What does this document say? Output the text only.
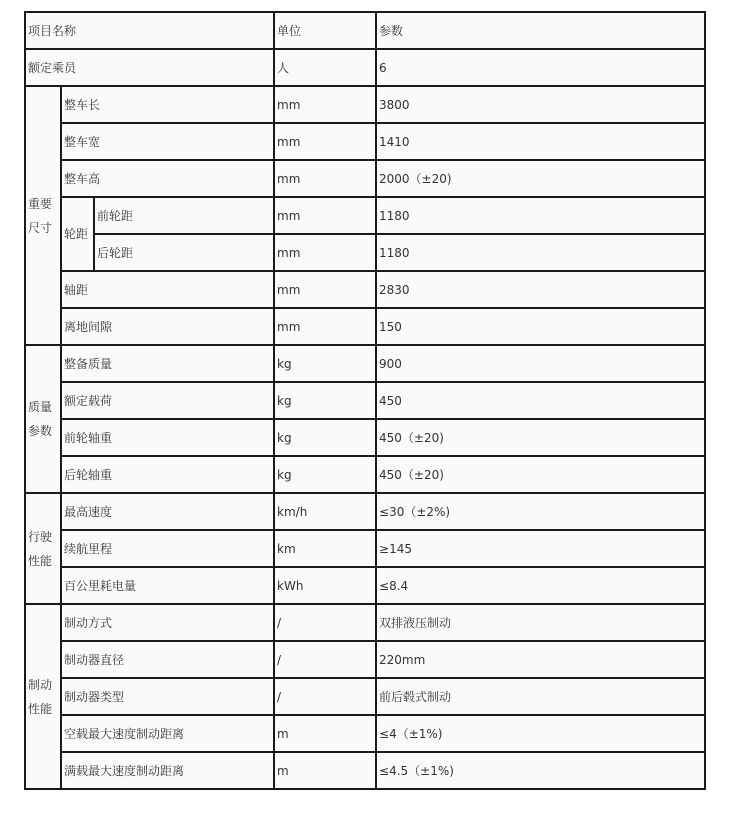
项目名称			单位	参数
额定乘员			人	6

重要尺寸	整车长		mm	3800
	整车宽		mm	1410
	整车高		mm	2000（±20)

	轮距	前轮距	mm	1180
		后轮距	mm	1180
	轴距		mm	2830
	离地间隙		mm	150

质量参数	整备质量		kg	900
	额定载荷		kg	450
	前轮轴重		kg	450（±20)
	后轮轴重		kg	450（±20)

行驶性能	最高速度		km/h	≤30（±2%)
	续航里程		km	≥145
	百公里耗电量		kWh	≤8.4

制动性能	制动方式		/	双排液压制动
	制动器直径		/	220mm
	制动器类型		/	前后毂式制动
	空载最大速度制动距离		m	≤4（±1%)
	满载最大速度制动距离		m	≤4.5（±1%)
